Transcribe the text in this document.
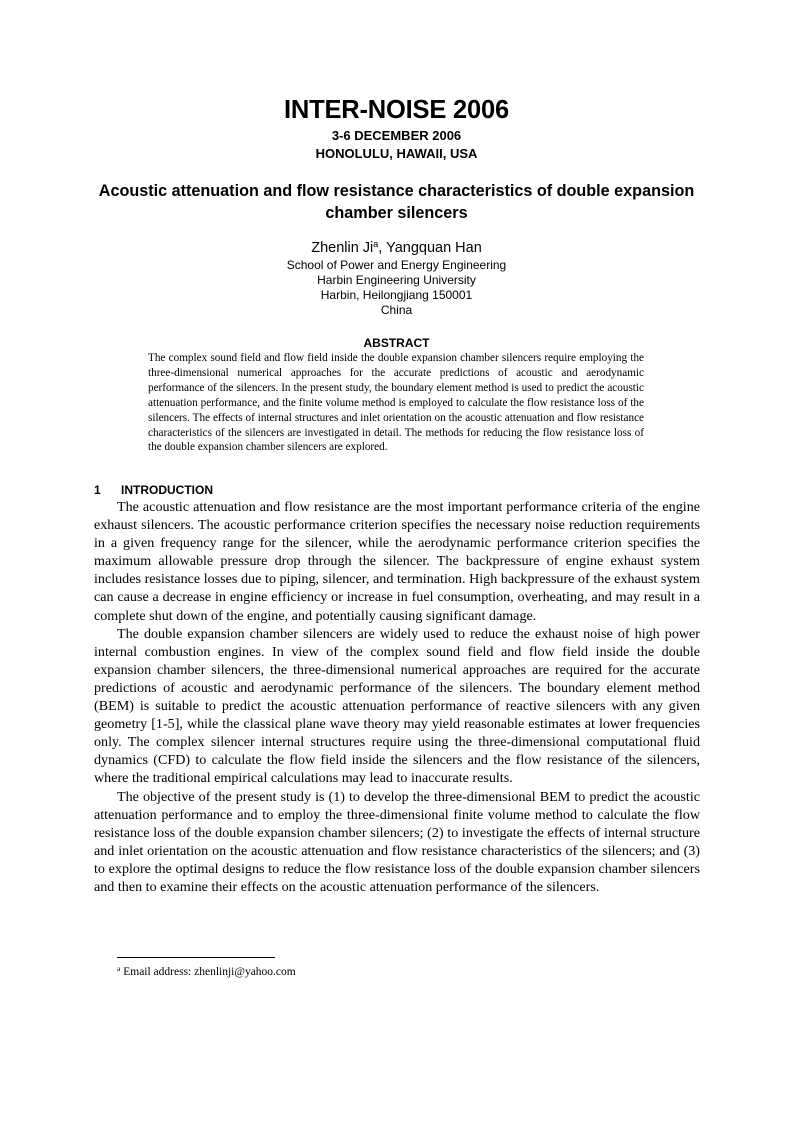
INTER-NOISE 2006
3-6 DECEMBER 2006
HONOLULU, HAWAII, USA
Acoustic attenuation and flow resistance characteristics of double expansion chamber silencers
Zhenlin Ji$^a$, Yangquan Han
School of Power and Energy Engineering
Harbin Engineering University
Harbin, Heilongjiang 150001
China
ABSTRACT

The complex sound field and flow field inside the double expansion chamber silencers require employing the three-dimensional numerical approaches for the accurate predictions of acoustic and aerodynamic performance of the silencers. In the present study, the boundary element method is used to predict the acoustic attenuation performance, and the finite volume method is employed to calculate the flow resistance loss of the silencers. The effects of internal structures and inlet orientation on the acoustic attenuation and flow resistance characteristics of the silencers are investigated in detail. The methods for reducing the flow resistance loss of the double expansion chamber silencers are explored.

1 INTRODUCTION

The acoustic attenuation and flow resistance are the most important performance criteria of the engine exhaust silencers. The acoustic performance criterion specifies the necessary noise reduction requirements in a given frequency range for the silencer, while the aerodynamic performance criterion specifies the maximum allowable pressure drop through the silencer. The backpressure of engine exhaust system includes resistance losses due to piping, silencer, and termination. High backpressure of the exhaust system can cause a decrease in engine efficiency or increase in fuel consumption, overheating, and may result in a complete shut down of the engine, and potentially causing significant damage.

The double expansion chamber silencers are widely used to reduce the exhaust noise of high power internal combustion engines. In view of the complex sound field and flow field inside the double expansion chamber silencers, the three-dimensional numerical approaches are required for the accurate predictions of acoustic and aerodynamic performance of the silencers. The boundary element method (BEM) is suitable to predict the acoustic attenuation performance of reactive silencers with any given geometry [1-5], while the classical plane wave theory may yield reasonable estimates at lower frequencies only. The complex silencer internal structures require using the three-dimensional computational fluid dynamics (CFD) to calculate the flow field inside the silencers and the flow resistance of the silencers, where the traditional empirical calculations may lead to inaccurate results.

The objective of the present study is (1) to develop the three-dimensional BEM to predict the acoustic attenuation performance and to employ the three-dimensional finite volume method to calculate the flow resistance loss of the double expansion chamber silencers; (2) to investigate the effects of internal structure and inlet orientation on the acoustic attenuation and flow resistance characteristics of the silencers; and (3) to explore the optimal designs to reduce the flow resistance loss of the double expansion chamber silencers and then to examine their effects on the acoustic attenuation performance of the silencers.

$^a$ Email address: zhenlinji@yahoo.com
